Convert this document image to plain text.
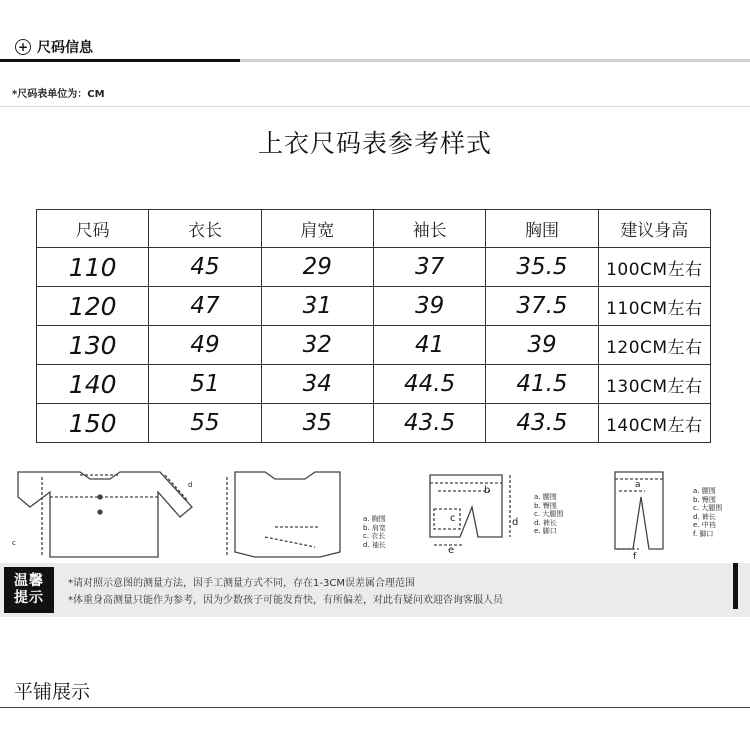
+ 尺码信息
*尺码表单位为：CM
上衣尺码表参考样式
尺码	衣长	肩宽	袖长	胸围	建议身高
110	45	29	37	35.5	100CM左右
120	47	31	39	37.5	110CM左右
130	49	32	41	39	120CM左右
140	51	34	44.5	41.5	130CM左右
150	55	35	43.5	43.5	140CM左右
d
c
a. 胸围
b. 肩宽
c. 衣长
d. 袖长
b
c	d
e
a. 腰围
b. 臀围
c. 大腿围
d. 裤长
e. 脚口
a
f
a. 腰围
b. 臀围
c. 大腿围
d. 裤长
e. 中裆
f. 脚口
温馨
提示
*请对照示意图的测量方法，因手工测量方式不同，存在1-3CM误差属合理范围
*体重身高测量只能作为参考，因为少数孩子可能发育快，有所偏差，对此有疑问欢迎咨询客服人员
平铺展示
